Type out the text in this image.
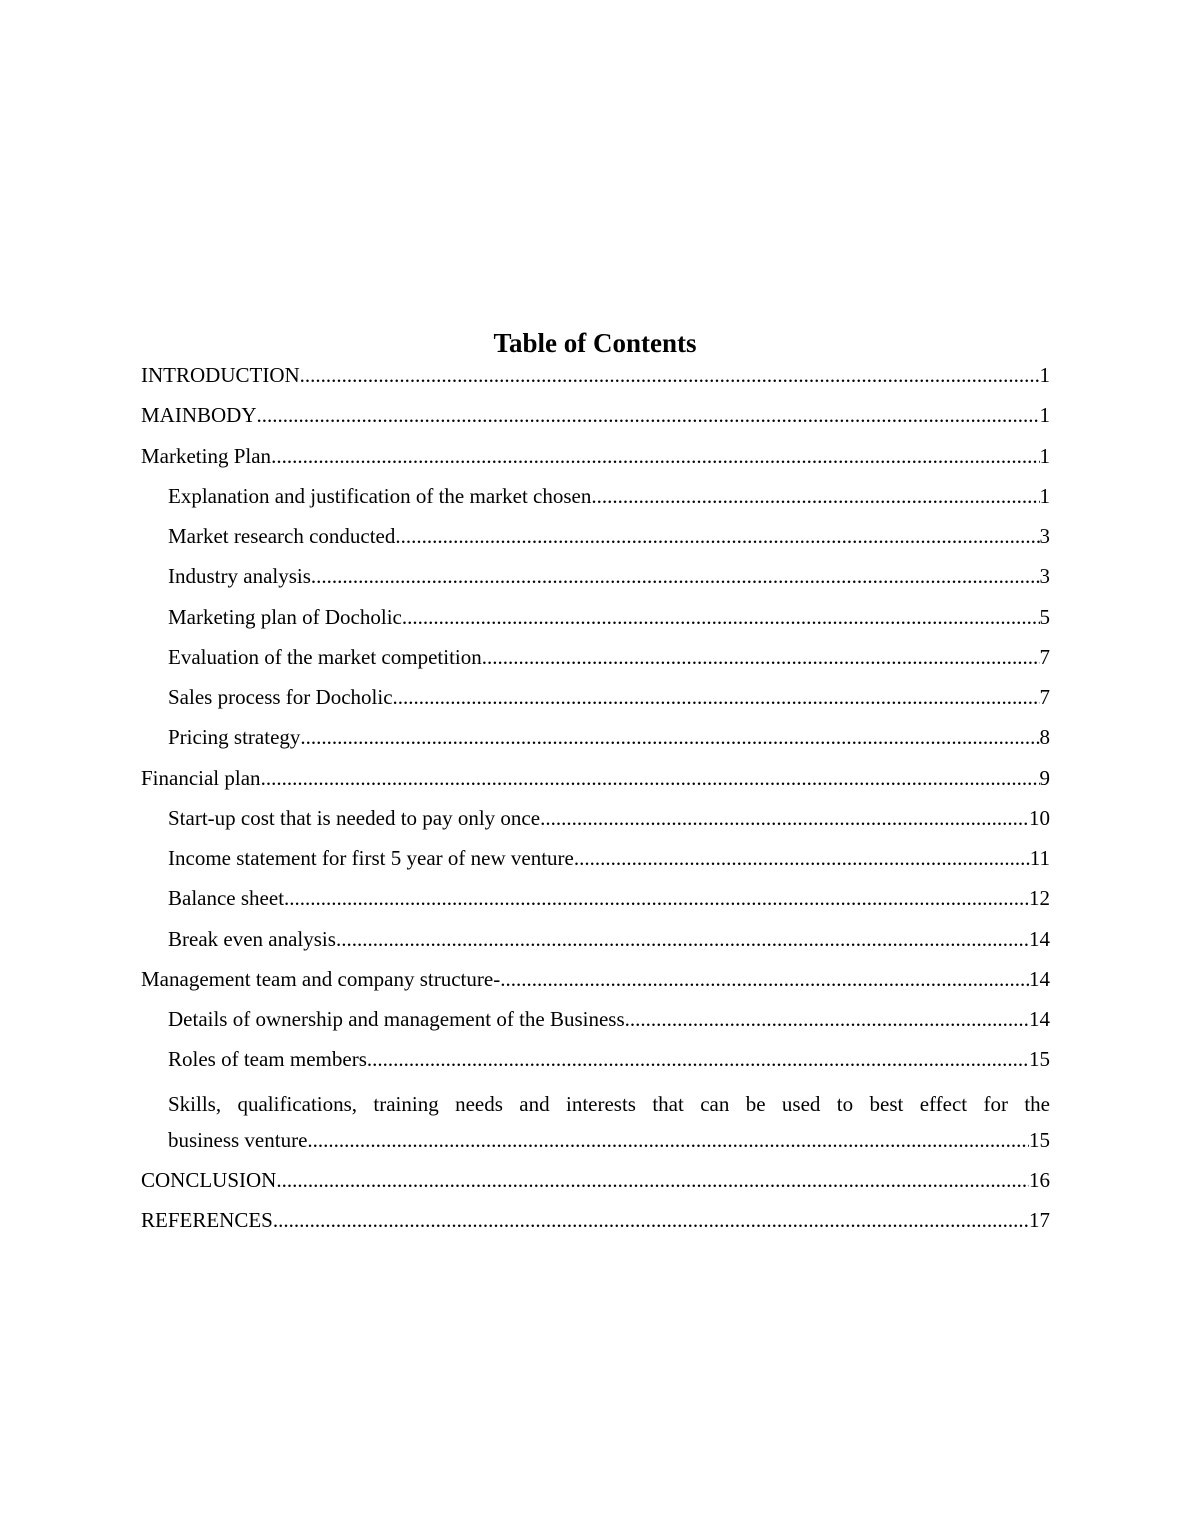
Table of Contents
INTRODUCTION .....	1
MAINBODY .....	1
Marketing Plan .....	1
Explanation and justification of the market chosen .....	1
Market research conducted .....	3
Industry analysis .....	3
Marketing plan of Docholic .....	5
Evaluation of the market competition .....	7
Sales process for Docholic .....	7
Pricing strategy .....	8
Financial plan .....	9
Start-up cost that is needed to pay only once .....	10
Income statement for first 5 year of new venture .....	11
Balance sheet .....	12
Break even analysis .....	14
Management team and company structure- .....	14
Details of ownership and management of the Business .....	14
Roles of team members .....	15
Skills, qualifications, training needs and interests that can be used to best effect for the
business venture .....	15
CONCLUSION .....	16
REFERENCES .....	17
